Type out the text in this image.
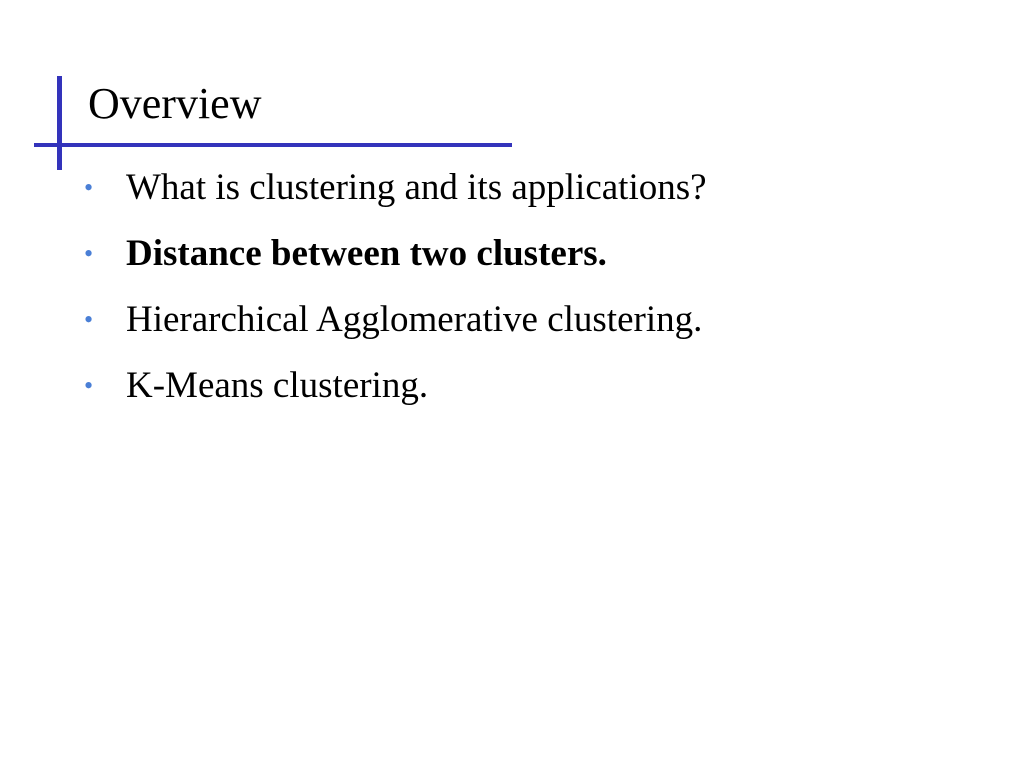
Overview
• What is clustering and its applications?
• Distance between two clusters.
• Hierarchical Agglomerative clustering.
• K-Means clustering.
